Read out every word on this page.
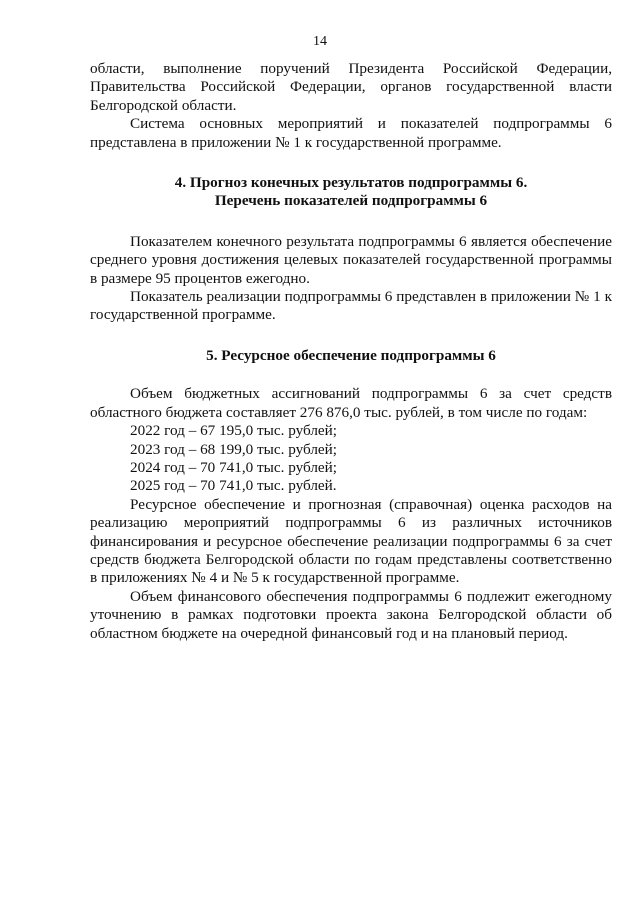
14

области, выполнение поручений Президента Российской Федерации, Правительства Российской Федерации, органов государственной власти Белгородской области.

Система основных мероприятий и показателей подпрограммы 6 представлена в приложении № 1 к государственной программе.

4. Прогноз конечных результатов подпрограммы 6.
Перечень показателей подпрограммы 6

Показателем конечного результата подпрограммы 6 является обеспечение среднего уровня достижения целевых показателей государственной программы в размере 95 процентов ежегодно.

Показатель реализации подпрограммы 6 представлен в приложении № 1 к государственной программе.

5. Ресурсное обеспечение подпрограммы 6

Объем бюджетных ассигнований подпрограммы 6 за счет средств областного бюджета составляет 276 876,0 тыс. рублей, в том числе по годам:

2022 год – 67 195,0 тыс. рублей;

2023 год – 68 199,0 тыс. рублей;

2024 год – 70 741,0 тыс. рублей;

2025 год – 70 741,0 тыс. рублей.

Ресурсное обеспечение и прогнозная (справочная) оценка расходов на реализацию мероприятий подпрограммы 6 из различных источников финансирования и ресурсное обеспечение реализации подпрограммы 6 за счет средств бюджета Белгородской области по годам представлены соответственно в приложениях № 4 и № 5 к государственной программе.

Объем финансового обеспечения подпрограммы 6 подлежит ежегодному уточнению в рамках подготовки проекта закона Белгородской области об областном бюджете на очередной финансовый год и на плановый период.
